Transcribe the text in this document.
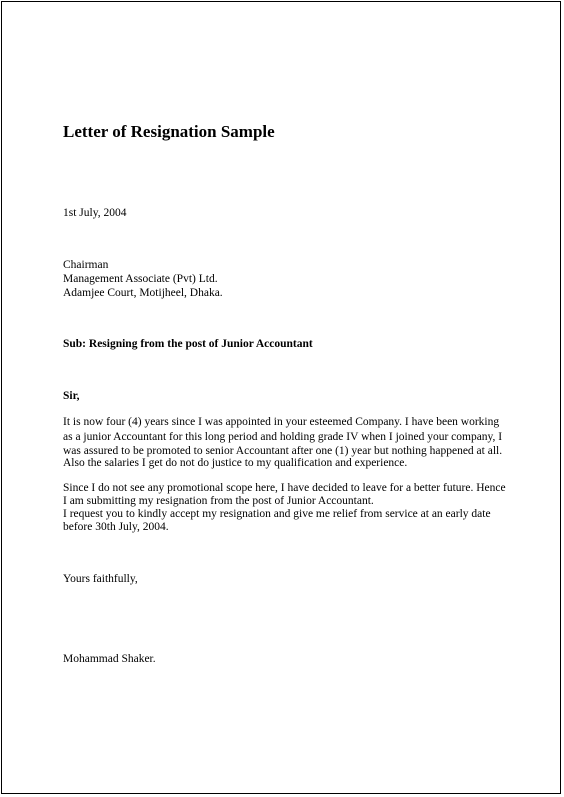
Letter of Resignation Sample
1st July, 2004
Chairman
Management Associate (Pvt) Ltd.
Adamjee Court, Motijheel, Dhaka.
Sub: Resigning from the post of Junior Accountant
Sir,
It is now four (4) years since I was appointed in your esteemed Company. I have been working
as a junior Accountant for this long period and holding grade IV when I joined your company, I
was assured to be promoted to senior Accountant after one (1) year but nothing happened at all.
Also the salaries I get do not do justice to my qualification and experience.
Since I do not see any promotional scope here, I have decided to leave for a better future. Hence
I am submitting my resignation from the post of Junior Accountant.
I request you to kindly accept my resignation and give me relief from service at an early date
before 30th July, 2004.
Yours faithfully,
Mohammad Shaker.
